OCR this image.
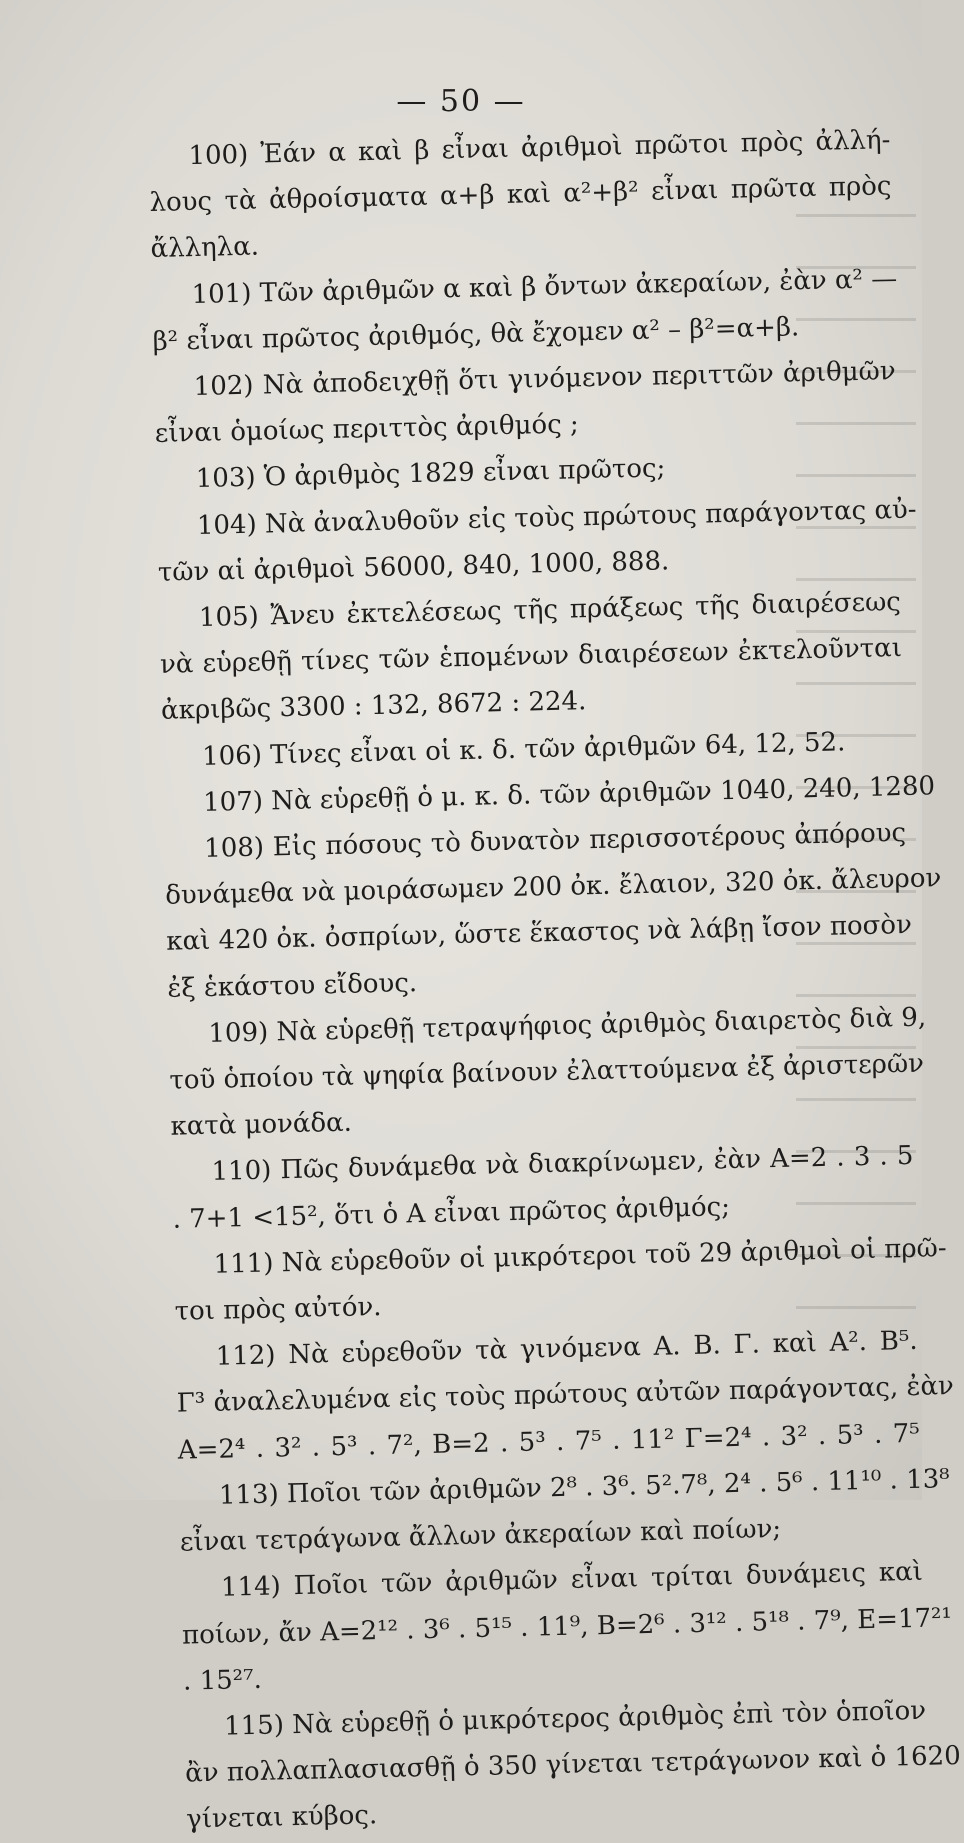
— 50 —
100) Ἐάν α καὶ β εἶναι ἀριθμοὶ πρῶτοι πρὸς ἀλλή-
λους τὰ ἀθροίσματα α+β καὶ α²+β² εἶναι πρῶτα πρὸς
ἄλληλα.
101) Τῶν ἀριθμῶν α καὶ β ὄντων ἀκεραίων, ἐὰν α² —
β² εἶναι πρῶτος ἀριθμός, θὰ ἔχομεν α² – β²=α+β.
102) Νὰ ἀποδειχθῇ ὅτι γινόμενον περιττῶν ἀριθμῶν
εἶναι ὁμοίως περιττὸς ἀριθμός ;
103) Ὁ ἀριθμὸς 1829 εἶναι πρῶτος;
104) Νὰ ἀναλυθοῦν εἰς τοὺς πρώτους παράγοντας αὐ-
τῶν αἱ ἀριθμοὶ 56000, 840, 1000, 888.
105) Ἄνευ ἐκτελέσεως τῆς πράξεως τῆς διαιρέσεως
νὰ εὑρεθῇ τίνες τῶν ἑπομένων διαιρέσεων ἐκτελοῦνται
ἀκριβῶς 3300 : 132, 8672 : 224.
106) Τίνες εἶναι οἱ κ. δ. τῶν ἀριθμῶν 64, 12, 52.
107) Νὰ εὑρεθῇ ὁ μ. κ. δ. τῶν ἀριθμῶν 1040, 240, 1280
108) Εἰς πόσους τὸ δυνατὸν περισσοτέρους ἀπόρους
δυνάμεθα νὰ μοιράσωμεν 200 ὀκ. ἔλαιον, 320 ὀκ. ἄλευρον
καὶ 420 ὀκ. ὀσπρίων, ὥστε ἕκαστος νὰ λάβῃ ἴσον ποσὸν
ἐξ ἑκάστου εἴδους.
109) Νὰ εὑρεθῇ τετραψήφιος ἀριθμὸς διαιρετὸς διὰ 9,
τοῦ ὁποίου τὰ ψηφία βαίνουν ἐλαττούμενα ἐξ ἀριστερῶν
κατὰ μονάδα.
110) Πῶς δυνάμεθα νὰ διακρίνωμεν, ἐὰν Α=2 . 3 . 5
. 7+1 <15², ὅτι ὁ Α εἶναι πρῶτος ἀριθμός;
111) Νὰ εὑρεθοῦν οἱ μικρότεροι τοῦ 29 ἀριθμοὶ οἱ πρῶ-
τοι πρὸς αὐτόν.
112) Νὰ εὑρεθοῦν τὰ γινόμενα Α. Β. Γ. καὶ Α². Β⁵.
Γ³ ἀναλελυμένα εἰς τοὺς πρώτους αὐτῶν παράγοντας, ἐὰν
Α=2⁴ . 3² . 5³ . 7², Β=2 . 5³ . 7⁵ . 11² Γ=2⁴ . 3² . 5³ . 7⁵
113) Ποῖοι τῶν ἀριθμῶν 2⁸ . 3⁶. 5².7⁸, 2⁴ . 5⁶ . 11¹⁰ . 13⁸
εἶναι τετράγωνα ἄλλων ἀκεραίων καὶ ποίων;
114) Ποῖοι τῶν ἀριθμῶν εἶναι τρίται δυνάμεις καὶ
ποίων, ἄν Α=2¹² . 3⁶ . 5¹⁵ . 11⁹, Β=2⁶ . 3¹² . 5¹⁸ . 7⁹, Ε=17²¹
. 15²⁷.
115) Νὰ εὑρεθῇ ὁ μικρότερος ἀριθμὸς ἐπὶ τὸν ὁποῖον
ἂν πολλαπλασιασθῇ ὁ 350 γίνεται τετράγωνον καὶ ὁ 1620
γίνεται κύβος.
